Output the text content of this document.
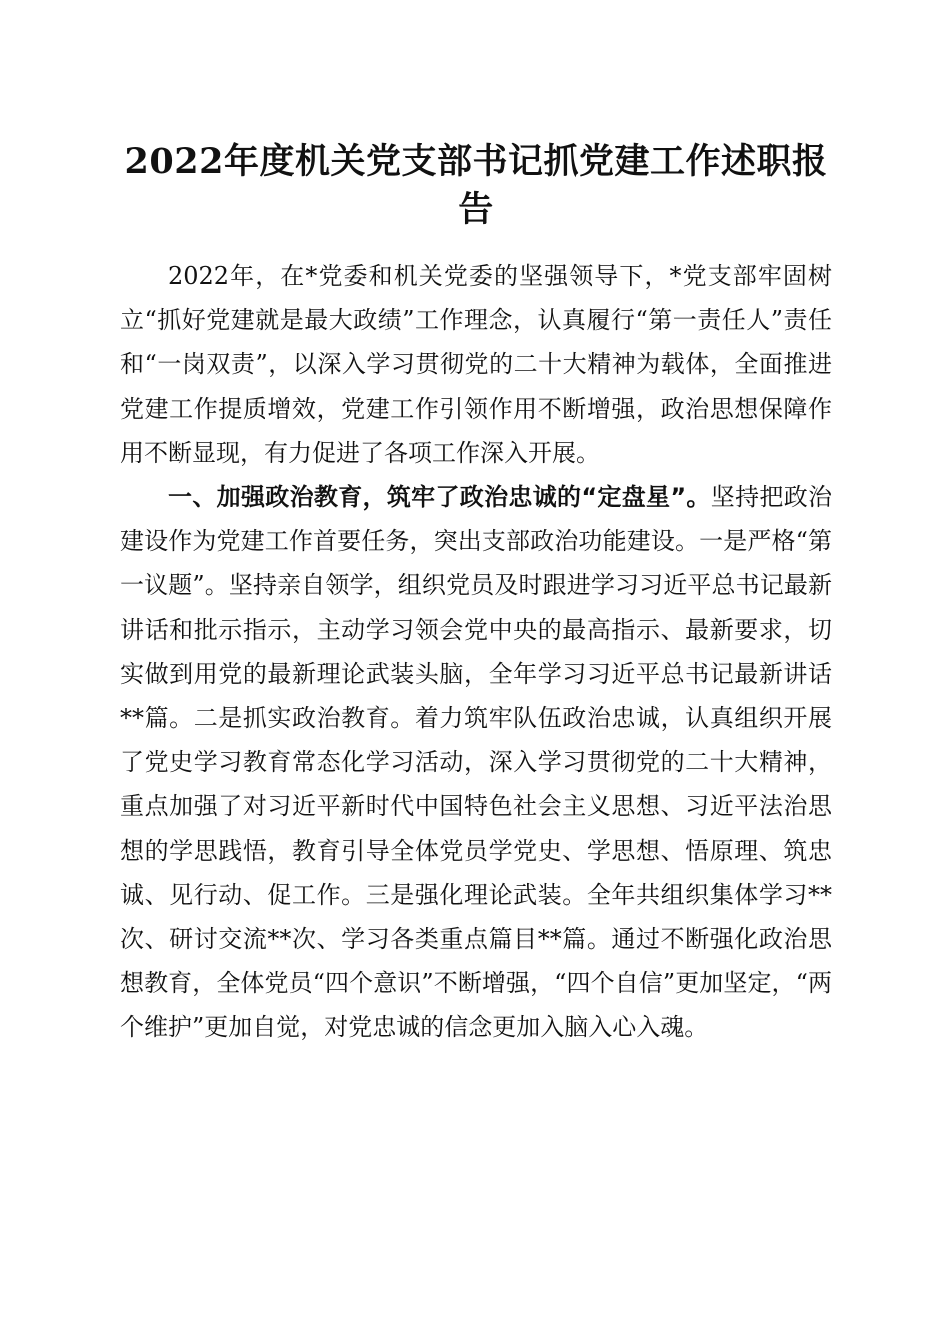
2022年度机关党支部书记抓党建工作述职报告

2022年，在*党委和机关党委的坚强领导下，*党支部牢固树立“抓好党建就是最大政绩”工作理念，认真履行“第一责任人”责任和“一岗双责”，以深入学习贯彻党的二十大精神为载体，全面推进党建工作提质增效，党建工作引领作用不断增强，政治思想保障作用不断显现，有力促进了各项工作深入开展。

一、加强政治教育，筑牢了政治忠诚的“定盘星”。坚持把政治建设作为党建工作首要任务，突出支部政治功能建设。一是严格“第一议题”。坚持亲自领学，组织党员及时跟进学习习近平总书记最新讲话和批示指示，主动学习领会党中央的最高指示、最新要求，切实做到用党的最新理论武装头脑，全年学习习近平总书记最新讲话**篇。二是抓实政治教育。着力筑牢队伍政治忠诚，认真组织开展了党史学习教育常态化学习活动，深入学习贯彻党的二十大精神，重点加强了对习近平新时代中国特色社会主义思想、习近平法治思想的学思践悟，教育引导全体党员学党史、学思想、悟原理、筑忠诚、见行动、促工作。三是强化理论武装。全年共组织集体学习**次、研讨交流**次、学习各类重点篇目**篇。通过不断强化政治思想教育，全体党员“四个意识”不断增强，“四个自信”更加坚定，“两个维护”更加自觉，对党忠诚的信念更加入脑入心入魂。
